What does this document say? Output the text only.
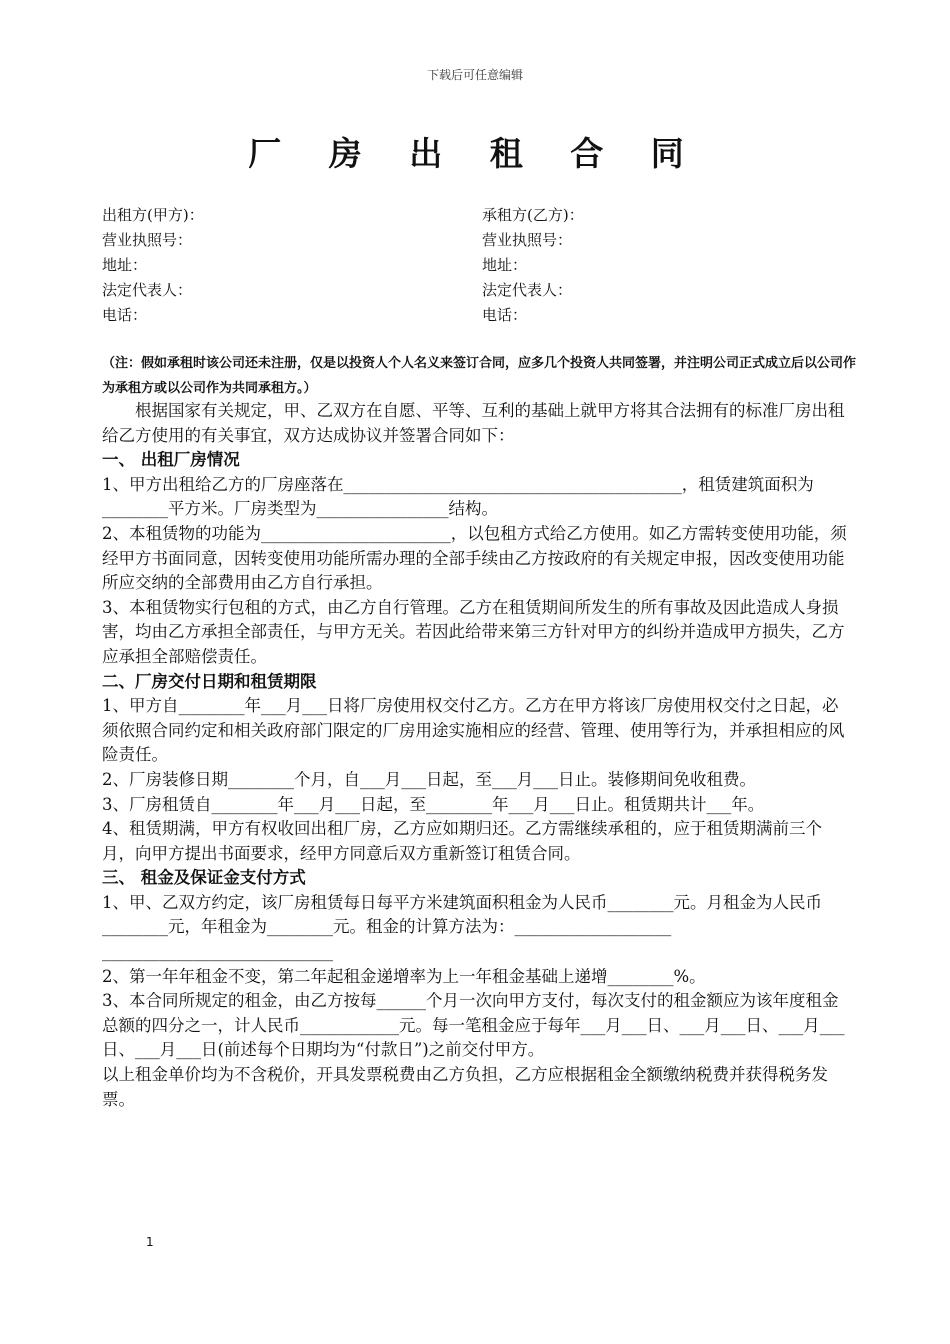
下载后可任意编辑
厂 房 出 租 合 同
出租方(甲方)：	承租方(乙方)：
营业执照号：	营业执照号：
地址：	地址：
法定代表人：	法定代表人：
电话：	电话：
（注：假如承租时该公司还未注册，仅是以投资人个人名义来签订合同，应多几个投资人共同签署，并注明公司正式成立后以公司作为承租方或以公司作为共同承租方。）

根据国家有关规定，甲、乙双方在自愿、平等、互利的基础上就甲方将其合法拥有的标准厂房出租给乙方使用的有关事宜，双方达成协议并签署合同如下：

一、 出租厂房情况

1、甲方出租给乙方的厂房座落在_________________________________________，租赁建筑面积为________平方米。厂房类型为________________结构。

2、本租赁物的功能为_______________________，以包租方式给乙方使用。如乙方需转变使用功能，须经甲方书面同意，因转变使用功能所需办理的全部手续由乙方按政府的有关规定申报，因改变使用功能所应交纳的全部费用由乙方自行承担。

3、本租赁物实行包租的方式，由乙方自行管理。乙方在租赁期间所发生的所有事故及因此造成人身损害，均由乙方承担全部责任，与甲方无关。若因此给带来第三方针对甲方的纠纷并造成甲方损失，乙方应承担全部赔偿责任。

二、厂房交付日期和租赁期限

1、甲方自________年___月___日将厂房使用权交付乙方。乙方在甲方将该厂房使用权交付之日起，必须依照合同约定和相关政府部门限定的厂房用途实施相应的经营、管理、使用等行为，并承担相应的风险责任。

2、厂房装修日期________个月，自___月___日起，至___月___日止。装修期间免收租费。

3、厂房租赁自________年___月___日起，至________年___月___日止。租赁期共计___年。

4、租赁期满，甲方有权收回出租厂房，乙方应如期归还。乙方需继续承租的，应于租赁期满前三个月，向甲方提出书面要求，经甲方同意后双方重新签订租赁合同。

三、 租金及保证金支付方式

1、甲、乙双方约定，该厂房租赁每日每平方米建筑面积租金为人民币________元。月租金为人民币________元，年租金为________元。租金的计算方法为：___________________

____________________________

2、第一年年租金不变，第二年起租金递增率为上一年租金基础上递增________%。

3、本合同所规定的租金，由乙方按每______个月一次向甲方支付，每次支付的租金额应为该年度租金总额的四分之一，计人民币____________元。每一笔租金应于每年___月___日、___月___日、___月___日、___月___日(前述每个日期均为“付款日”)之前交付甲方。

以上租金单价均为不含税价，开具发票税费由乙方负担，乙方应根据租金全额缴纳税费并获得税务发票。

1
